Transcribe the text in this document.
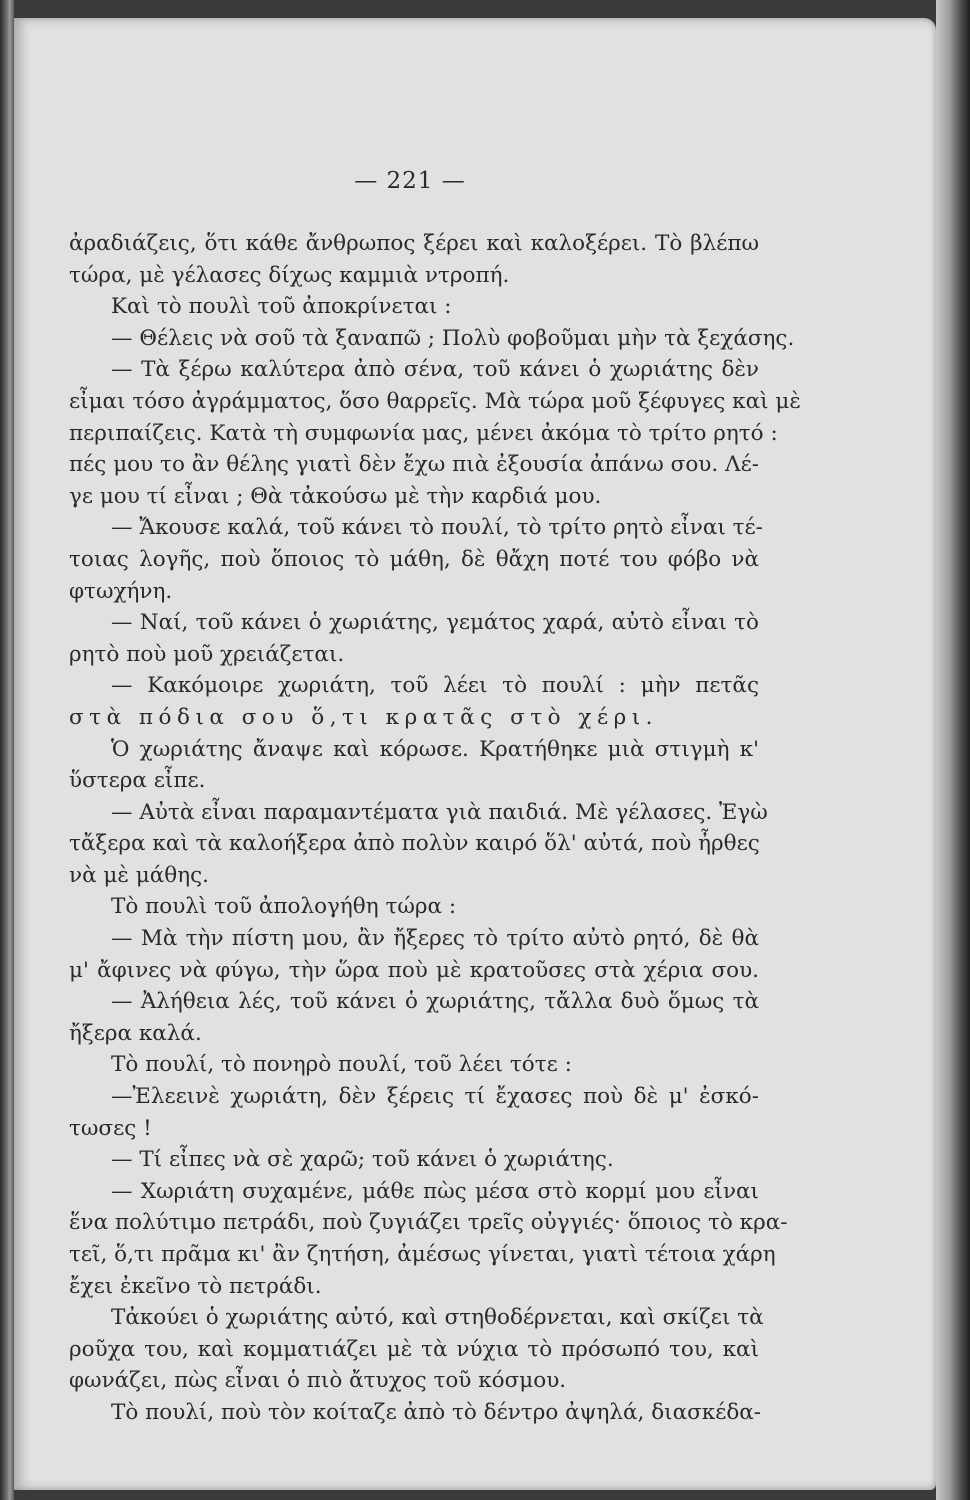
— 221 —
ἀραδιάζεις, ὅτι κάθε ἄνθρωπος ξέρει καὶ καλοξέρει. Τὸ βλέπω
τώρα, μὲ γέλασες δίχως καμμιὰ ντροπή.
Καὶ τὸ πουλὶ τοῦ ἀποκρίνεται :
— Θέλεις νὰ σοῦ τὰ ξαναπῶ ; Πολὺ φοβοῦμαι μὴν τὰ ξεχάσης.
— Τὰ ξέρω καλύτερα ἀπὸ σένα, τοῦ κάνει ὁ χωριάτης δὲν
εἶμαι τόσο ἀγράμματος, ὅσο θαρρεῖς. Μὰ τώρα μοῦ ξέφυγες καὶ μὲ
περιπαίζεις. Κατὰ τὴ συμφωνία μας, μένει ἀκόμα τὸ τρίτο ρητό :
πές μου το ἂν θέλης γιατὶ δὲν ἔχω πιὰ ἐξουσία ἀπάνω σου. Λέ-
γε μου τί εἶναι ; Θὰ τἀκούσω μὲ τὴν καρδιά μου.
— Ἄκουσε καλά, τοῦ κάνει τὸ πουλί, τὸ τρίτο ρητὸ εἶναι τέ-
τοιας λογῆς, ποὺ ὅποιος τὸ μάθη, δὲ θἄχη ποτέ του φόβο νὰ
φτωχήνη.
— Ναί, τοῦ κάνει ὁ χωριάτης, γεμάτος χαρά, αὐτὸ εἶναι τὸ
ρητὸ ποὺ μοῦ χρειάζεται.
— Κακόμοιρε χωριάτη, τοῦ λέει τὸ πουλί : μὴν πετᾶς
στὰ πόδια σου ὅ,τι κρατᾶς στὸ χέρι.
Ὁ χωριάτης ἄναψε καὶ κόρωσε. Κρατήθηκε μιὰ στιγμὴ κ'
ὕστερα εἶπε.
— Αὐτὰ εἶναι παραμαντέματα γιὰ παιδιά. Μὲ γέλασες. Ἐγὼ
τἄξερα καὶ τὰ καλοήξερα ἀπὸ πολὺν καιρό ὅλ' αὐτά, ποὺ ἦρθες
νὰ μὲ μάθης.
Τὸ πουλὶ τοῦ ἀπολογήθη τώρα :
— Μὰ τὴν πίστη μου, ἂν ἤξερες τὸ τρίτο αὐτὸ ρητό, δὲ θὰ
μ' ἄφινες νὰ φύγω, τὴν ὥρα ποὺ μὲ κρατοῦσες στὰ χέρια σου.
— Ἀλήθεια λές, τοῦ κάνει ὁ χωριάτης, τἄλλα δυὸ ὅμως τὰ
ἤξερα καλά.
Τὸ πουλί, τὸ πονηρὸ πουλί, τοῦ λέει τότε :
—Ἐλεεινὲ χωριάτη, δὲν ξέρεις τί ἔχασες ποὺ δὲ μ' ἐσκό-
τωσες !
— Τί εἶπες νὰ σὲ χαρῶ; τοῦ κάνει ὁ χωριάτης.
— Χωριάτη συχαμένε, μάθε πὼς μέσα στὸ κορμί μου εἶναι
ἕνα πολύτιμο πετράδι, ποὺ ζυγιάζει τρεῖς οὐγγιές· ὅποιος τὸ κρα-
τεῖ, ὅ,τι πρᾶμα κι' ἂν ζητήση, ἀμέσως γίνεται, γιατὶ τέτοια χάρη
ἔχει ἐκεῖνο τὸ πετράδι.
Τἀκούει ὁ χωριάτης αὐτό, καὶ στηθοδέρνεται, καὶ σκίζει τὰ
ροῦχα του, καὶ κομματιάζει μὲ τὰ νύχια τὸ πρόσωπό του, καὶ
φωνάζει, πὼς εἶναι ὁ πιὸ ἄτυχος τοῦ κόσμου.
Τὸ πουλί, ποὺ τὸν κοίταζε ἀπὸ τὸ δέντρο ἀψηλά, διασκέδα-
